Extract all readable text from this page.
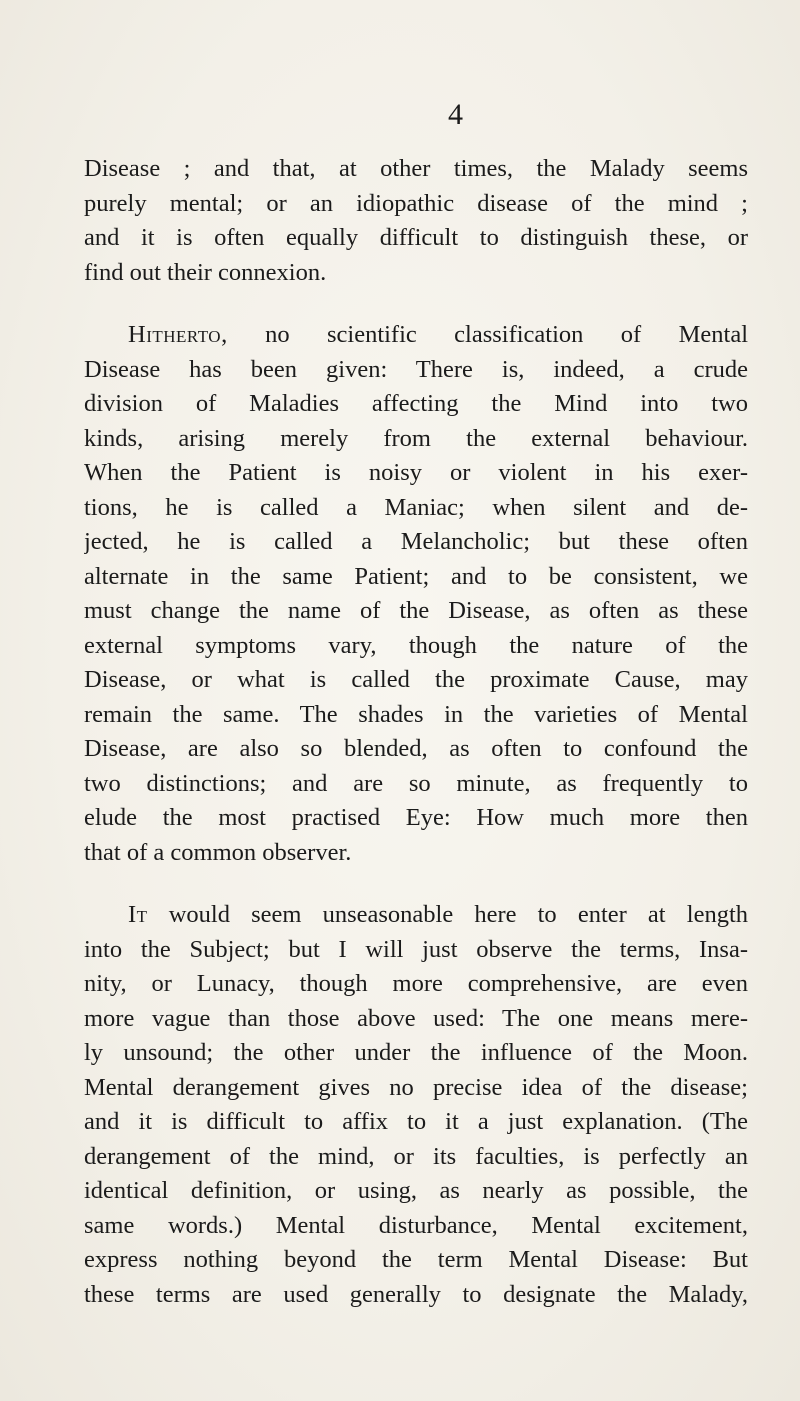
4
Disease ; and that, at other times, the Malady seems
purely mental; or an idiopathic disease of the mind ;
and it is often equally difficult to distinguish these, or
find out their connexion.
Hitherto, no scientific classification of Mental
Disease has been given: There is, indeed, a crude
division of Maladies affecting the Mind into two
kinds, arising merely from the external behaviour.
When the Patient is noisy or violent in his exer-
tions, he is called a Maniac; when silent and de-
jected, he is called a Melancholic; but these often
alternate in the same Patient; and to be consistent, we
must change the name of the Disease, as often as these
external symptoms vary, though the nature of the
Disease, or what is called the proximate Cause, may
remain the same. The shades in the varieties of Mental
Disease, are also so blended, as often to confound the
two distinctions; and are so minute, as frequently to
elude the most practised Eye: How much more then
that of a common observer.
It would seem unseasonable here to enter at length
into the Subject; but I will just observe the terms, Insa-
nity, or Lunacy, though more comprehensive, are even
more vague than those above used: The one means mere-
ly unsound; the other under the influence of the Moon.
Mental derangement gives no precise idea of the disease;
and it is difficult to affix to it a just explanation. (The
derangement of the mind, or its faculties, is perfectly an
identical definition, or using, as nearly as possible, the
same words.) Mental disturbance, Mental excitement,
express nothing beyond the term Mental Disease: But
these terms are used generally to designate the Malady,
